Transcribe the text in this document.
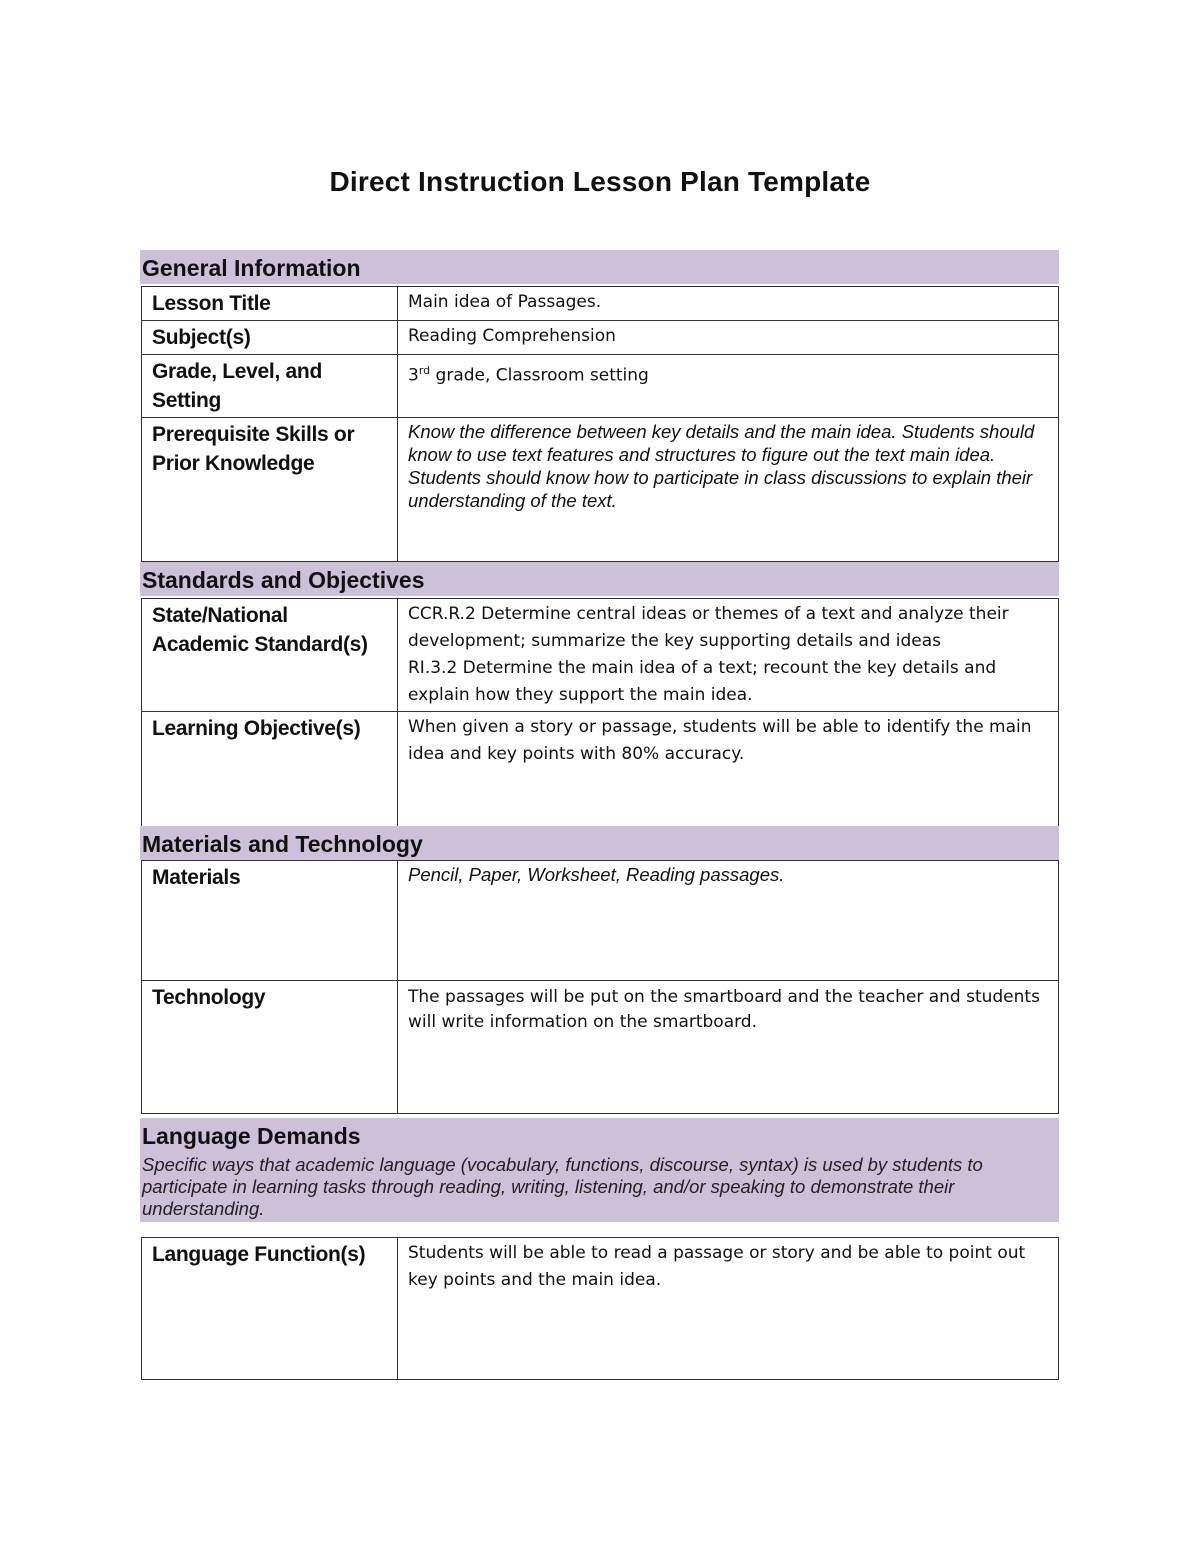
Direct Instruction Lesson Plan Template
General Information
Lesson Title	Main idea of Passages.
Subject(s)	Reading Comprehension
Grade, Level, and Setting	3rd grade, Classroom setting
Prerequisite Skills or Prior Knowledge	Know the difference between key details and the main idea. Students should know to use text features and structures to figure out the text main idea. Students should know how to participate in class discussions to explain their understanding of the text.
Standards and Objectives
State/National Academic Standard(s)	CCR.R.2 Determine central ideas or themes of a text and analyze their development; summarize the key supporting details and ideas
RI.3.2 Determine the main idea of a text; recount the key details and explain how they support the main idea.

Learning Objective(s)	When given a story or passage, students will be able to identify the main idea and key points with 80% accuracy.
Materials and Technology
Materials	Pencil, Paper, Worksheet, Reading passages.
Technology	The passages will be put on the smartboard and the teacher and students will write information on the smartboard.
Language Demands
Specific ways that academic language (vocabulary, functions, discourse, syntax) is used by students to participate in learning tasks through reading, writing, listening, and/or speaking to demonstrate their understanding.
Language Function(s)	Students will be able to read a passage or story and be able to point out key points and the main idea.
